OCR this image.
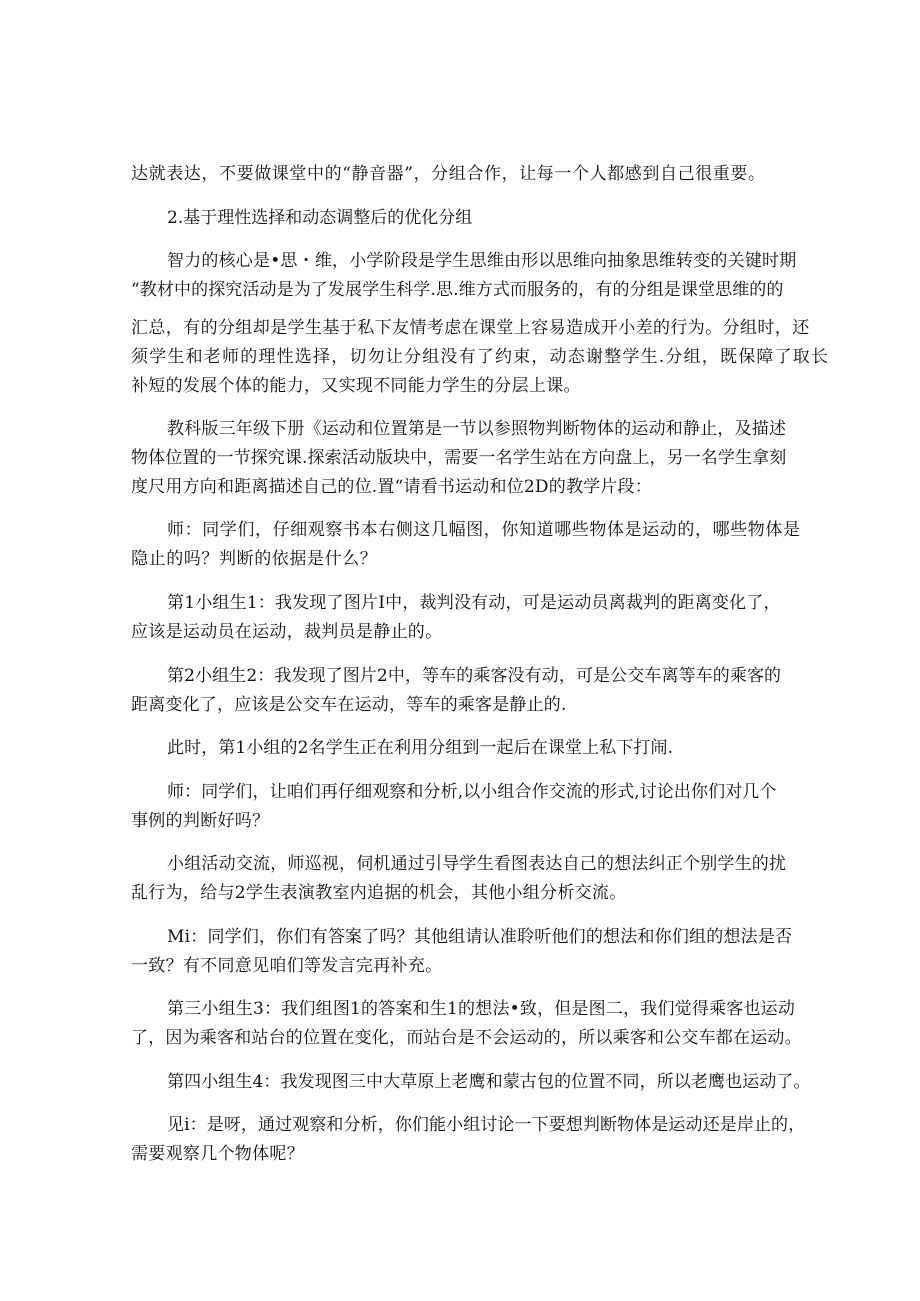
达就表达，不要做课堂中的“静音器”，分组合作，让每一个人都感到自己很重要。
2.基于理性选择和动态调整后的优化分组
智力的核心是•思・维，小学阶段是学生思维由形以思维向抽象思维转变的关键时期
“教材中的探究活动是为了发展学生科学.思.维方式而服务的，有的分组是课堂思维的的
汇总，有的分组却是学生基于私下友情考虑在课堂上容易造成开小差的行为。分组时，还
须学生和老师的理性选择，切勿让分组没有了约束，动态谢整学生.分组，既保障了取长
补短的发展个体的能力，又实现不同能力学生的分层上课。
教科版三年级下册《运动和位置第是一节以参照物判断物体的运动和静止，及描述
物体位置的一节探究课.探索活动版块中，需要一名学生站在方向盘上，另一名学生拿刻
度尺用方向和距离描述自己的位.置“请看书运动和位2D的教学片段：
师：同学们，仔细观察书本右侧这几幅图，你知道哪些物体是运动的，哪些物体是
隐止的吗？判断的依据是什么？
第1小组生1：我发现了图片I中，裁判没有动，可是运动员离裁判的距离变化了，
应该是运动员在运动，裁判员是静止的。
第2小组生2：我发现了图片2中，等车的乘客没有动，可是公交车离等车的乘客的
距离变化了，应该是公交车在运动，等车的乘客是静止的.
此时，第1小组的2名学生正在利用分组到一起后在课堂上私下打闹.
师：同学们，让咱们再仔细观察和分析,以小组合作交流的形式,讨论出你们对几个
事例的判断好吗？
小组活动交流，师巡视，伺机通过引导学生看图表达自己的想法纠正个别学生的扰
乱行为，给与2学生表演教室内追据的机会，其他小组分析交流。
Mi：同学们，你们有答案了吗？其他组请认准聆听他们的想法和你们组的想法是否
一致？有不同意见咱们等发言完再补充。
第三小组生3：我们组图1的答案和生1的想法•致，但是图二，我们觉得乘客也运动
了，因为乘客和站台的位置在变化，而站台是不会运动的，所以乘客和公交车都在运动。
第四小组生4：我发现图三中大草原上老鹰和蒙古包的位置不同，所以老鹰也运动了。
见i：是呀，通过观察和分析，你们能小组讨论一下要想判断物体是运动还是岸止的，
需要观察几个物体呢？
